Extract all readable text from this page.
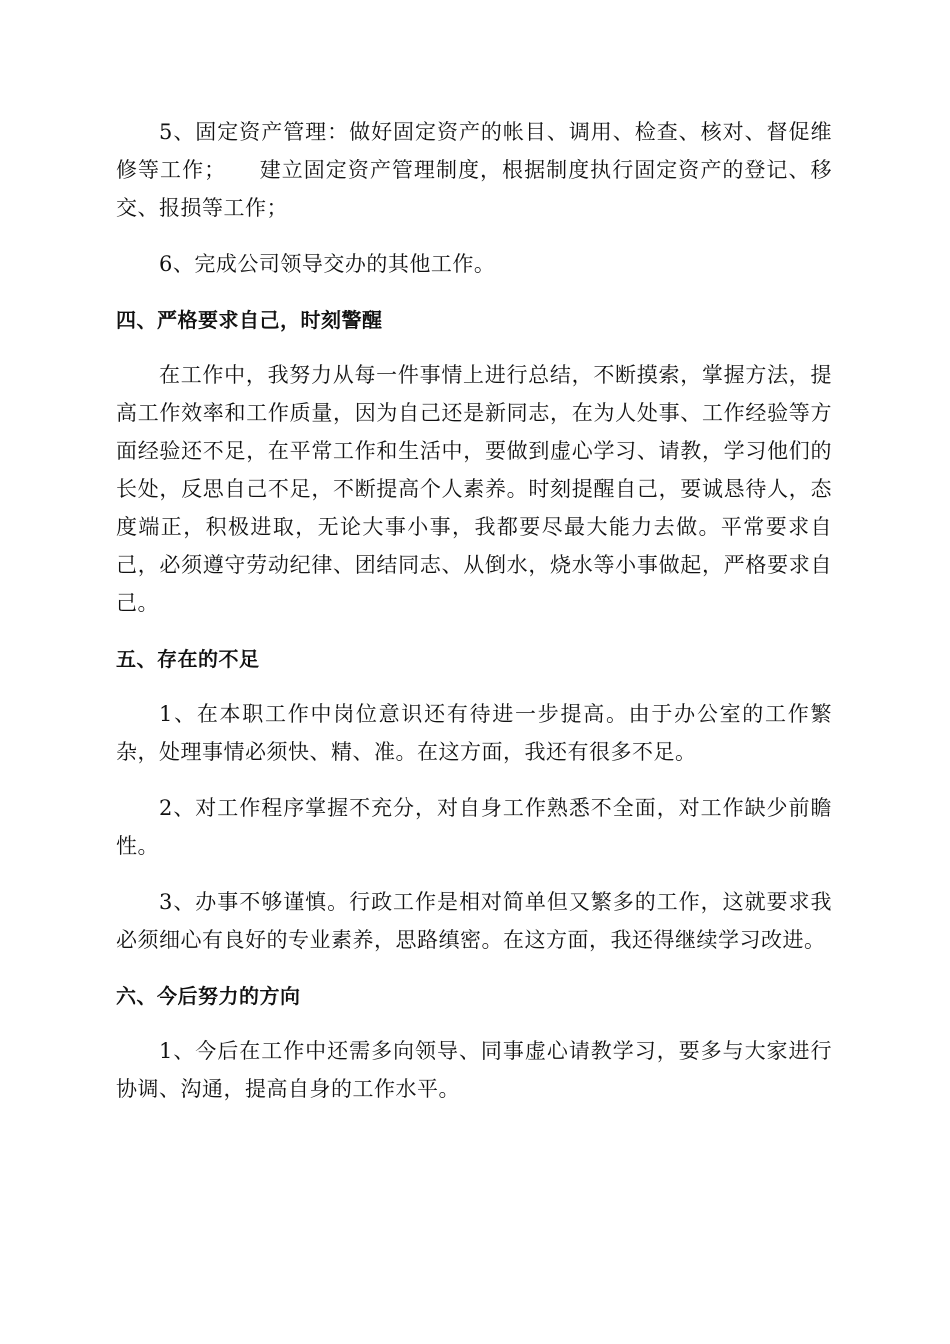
5、固定资产管理：做好固定资产的帐目、调用、检查、核对、督促维修等工作；　　建立固定资产管理制度，根据制度执行固定资产的登记、移交、报损等工作；

6、完成公司领导交办的其他工作。

四、严格要求自己，时刻警醒

在工作中，我努力从每一件事情上进行总结，不断摸索，掌握方法，提高工作效率和工作质量，因为自己还是新同志，在为人处事、工作经验等方面经验还不足，在平常工作和生活中，要做到虚心学习、请教，学习他们的长处，反思自己不足，不断提高个人素养。时刻提醒自己，要诚恳待人，态度端正，积极进取，无论大事小事，我都要尽最大能力去做。平常要求自己，必须遵守劳动纪律、团结同志、从倒水，烧水等小事做起，严格要求自己。

五、存在的不足

1、在本职工作中岗位意识还有待进一步提高。由于办公室的工作繁杂，处理事情必须快、精、准。在这方面，我还有很多不足。

2、对工作程序掌握不充分，对自身工作熟悉不全面，对工作缺少前瞻性。

3、办事不够谨慎。行政工作是相对简单但又繁多的工作，这就要求我必须细心有良好的专业素养，思路缜密。在这方面，我还得继续学习改进。

六、今后努力的方向

1、今后在工作中还需多向领导、同事虚心请教学习，要多与大家进行协调、沟通，提高自身的工作水平。
